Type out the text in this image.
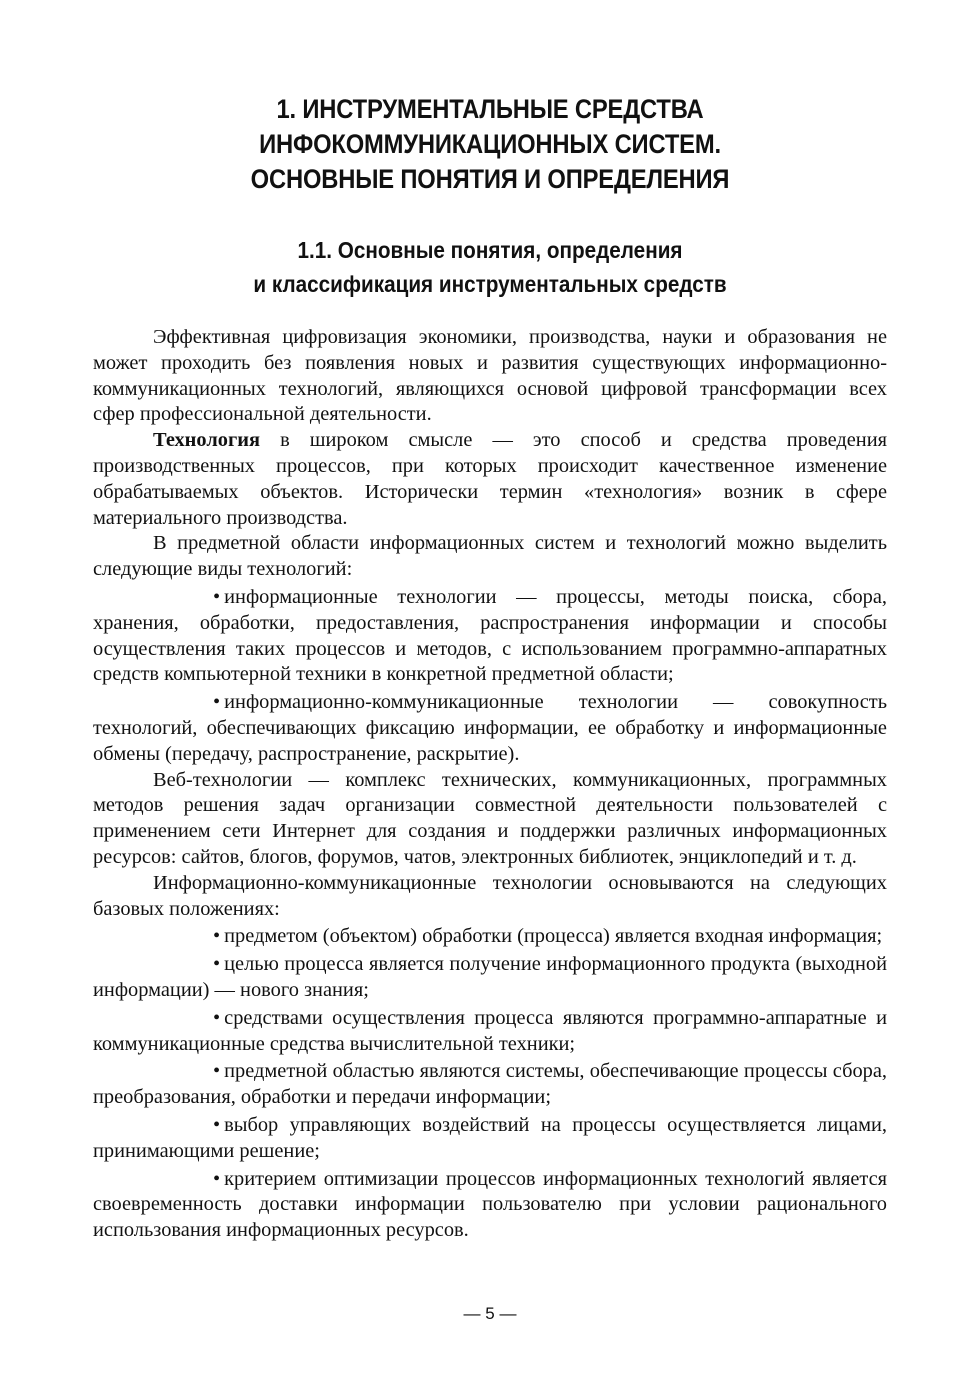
1. ИНСТРУМЕНТАЛЬНЫЕ СРЕДСТВА
ИНФОКОММУНИКАЦИОННЫХ СИСТЕМ.
ОСНОВНЫЕ ПОНЯТИЯ И ОПРЕДЕЛЕНИЯ
1.1. Основные понятия, определения
и классификация инструментальных средств

Эффективная цифровизация экономики, производства, науки и образования не может проходить без появления новых и развития существующих информационно-коммуникационных технологий, являющихся основой цифровой трансформации всех сфер профессиональной деятельности.

Технология в широком смысле — это способ и средства проведения производственных процессов, при которых происходит качественное изменение обрабатываемых объектов. Исторически термин «технология» возник в сфере материального производства.

В предметной области информационных систем и технологий можно выделить следующие виды технологий:

• информационные технологии — процессы, методы поиска, сбора, хранения, обработки, предоставления, распространения информации и способы осуществления таких процессов и методов, с использованием программно-аппаратных средств компьютерной техники в конкретной предметной области;

• информационно-коммуникационные технологии — совокупность технологий, обеспечивающих фиксацию информации, ее обработку и информационные обмены (передачу, распространение, раскрытие).

Веб-технологии — комплекс технических, коммуникационных, программных методов решения задач организации совместной деятельности пользователей с применением сети Интернет для создания и поддержки различных информационных ресурсов: сайтов, блогов, форумов, чатов, электронных библиотек, энциклопедий и т. д.

Информационно-коммуникационные технологии основываются на следующих базовых положениях:

• предметом (объектом) обработки (процесса) является входная информация;

• целью процесса является получение информационного продукта (выходной информации) — нового знания;

• средствами осуществления процесса являются программно-аппаратные и коммуникационные средства вычислительной техники;

• предметной областью являются системы, обеспечивающие процессы сбора, преобразования, обработки и передачи информации;

• выбор управляющих воздействий на процессы осуществляется лицами, принимающими решение;

• критерием оптимизации процессов информационных технологий является своевременность доставки информации пользователю при условии рационального использования информационных ресурсов.

— 5 —
